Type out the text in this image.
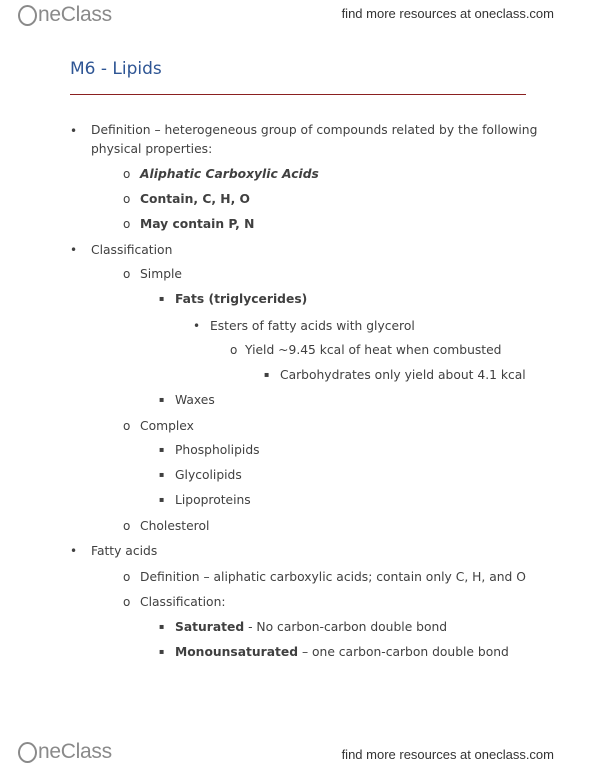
neClass	find more resources at oneclass.com
M6 - Lipids
• Definition – heterogeneous group of compounds related by the following
physical properties:
o Aliphatic Carboxylic Acids
o Contain, C, H, O
o May contain P, N
• Classification
o Simple
▪ Fats (triglycerides)
• Esters of fatty acids with glycerol
o Yield ~9.45 kcal of heat when combusted
▪ Carbohydrates only yield about 4.1 kcal
▪ Waxes
o Complex
▪ Phospholipids
▪ Glycolipids
▪ Lipoproteins
o Cholesterol
• Fatty acids
o Definition – aliphatic carboxylic acids; contain only C, H, and O
o Classification:
▪ Saturated - No carbon-carbon double bond
▪ Monounsaturated – one carbon-carbon double bond
neClass	find more resources at oneclass.com
